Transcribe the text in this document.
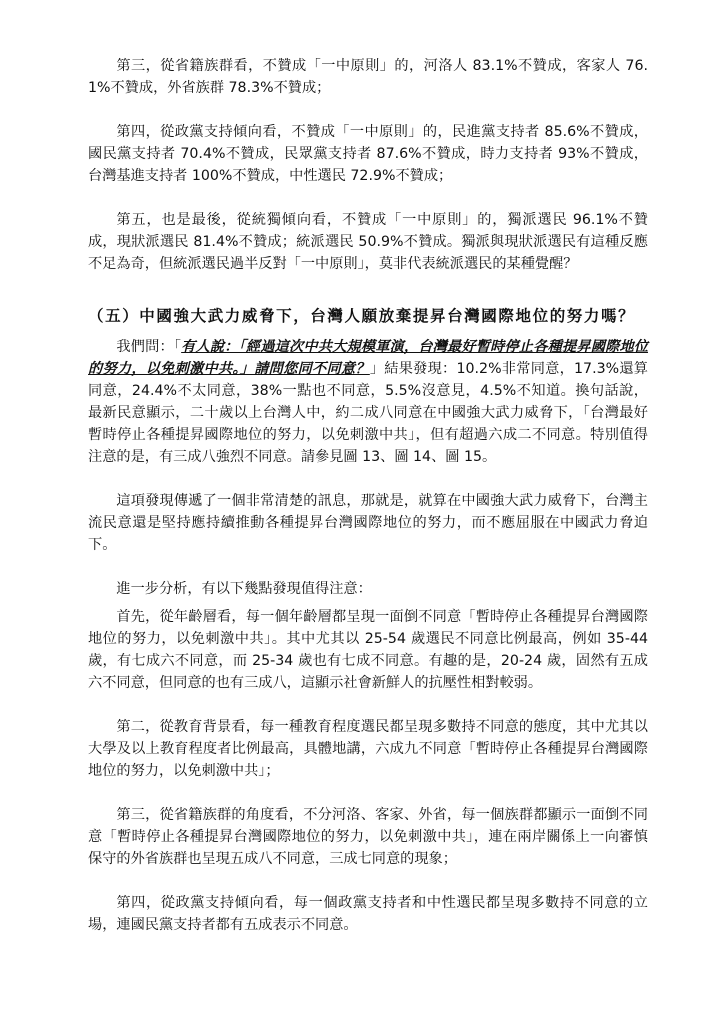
第三，從省籍族群看，不贊成「一中原則」的，河洛人 83.1%不贊成，客家人 76.1%不贊成，外省族群 78.3%不贊成；

第四，從政黨支持傾向看，不贊成「一中原則」的，民進黨支持者 85.6%不贊成，國民黨支持者 70.4%不贊成，民眾黨支持者 87.6%不贊成，時力支持者 93%不贊成，台灣基進支持者 100%不贊成，中性選民 72.9%不贊成；

第五，也是最後，從統獨傾向看，不贊成「一中原則」的，獨派選民 96.1%不贊成，現狀派選民 81.4%不贊成；統派選民 50.9%不贊成。獨派與現狀派選民有這種反應不足為奇，但統派選民過半反對「一中原則」，莫非代表統派選民的某種覺醒？

（五）中國強大武力威脅下，台灣人願放棄提昇台灣國際地位的努力嗎？

我們問：「有人說：「經過這次中共大規模軍演，台灣最好暫時停止各種提昇國際地位的努力，以免刺激中共。」請問您同不同意？」結果發現：10.2%非常同意，17.3%還算同意，24.4%不太同意，38%一點也不同意，5.5%沒意見，4.5%不知道。換句話說，最新民意顯示，二十歲以上台灣人中，約二成八同意在中國強大武力威脅下，「台灣最好暫時停止各種提昇國際地位的努力，以免刺激中共」，但有超過六成二不同意。特別值得注意的是，有三成八強烈不同意。請參見圖 13、圖 14、圖 15。

這項發現傳遞了一個非常清楚的訊息，那就是，就算在中國強大武力威脅下，台灣主流民意還是堅持應持續推動各種提昇台灣國際地位的努力，而不應屈服在中國武力脅迫下。

進一步分析，有以下幾點發現值得注意：

首先，從年齡層看，每一個年齡層都呈現一面倒不同意「暫時停止各種提昇台灣國際地位的努力，以免刺激中共」。其中尤其以 25-54 歲選民不同意比例最高，例如 35-44歲，有七成六不同意，而 25-34 歲也有七成不同意。有趣的是，20-24 歲，固然有五成六不同意，但同意的也有三成八，這顯示社會新鮮人的抗壓性相對較弱。

第二，從教育背景看，每一種教育程度選民都呈現多數持不同意的態度，其中尤其以大學及以上教育程度者比例最高，具體地講，六成九不同意「暫時停止各種提昇台灣國際地位的努力，以免刺激中共」；

第三，從省籍族群的角度看，不分河洛、客家、外省，每一個族群都顯示一面倒不同意「暫時停止各種提昇台灣國際地位的努力，以免刺激中共」，連在兩岸關係上一向審慎保守的外省族群也呈現五成八不同意，三成七同意的現象；

第四，從政黨支持傾向看，每一個政黨支持者和中性選民都呈現多數持不同意的立場，連國民黨支持者都有五成表示不同意。
